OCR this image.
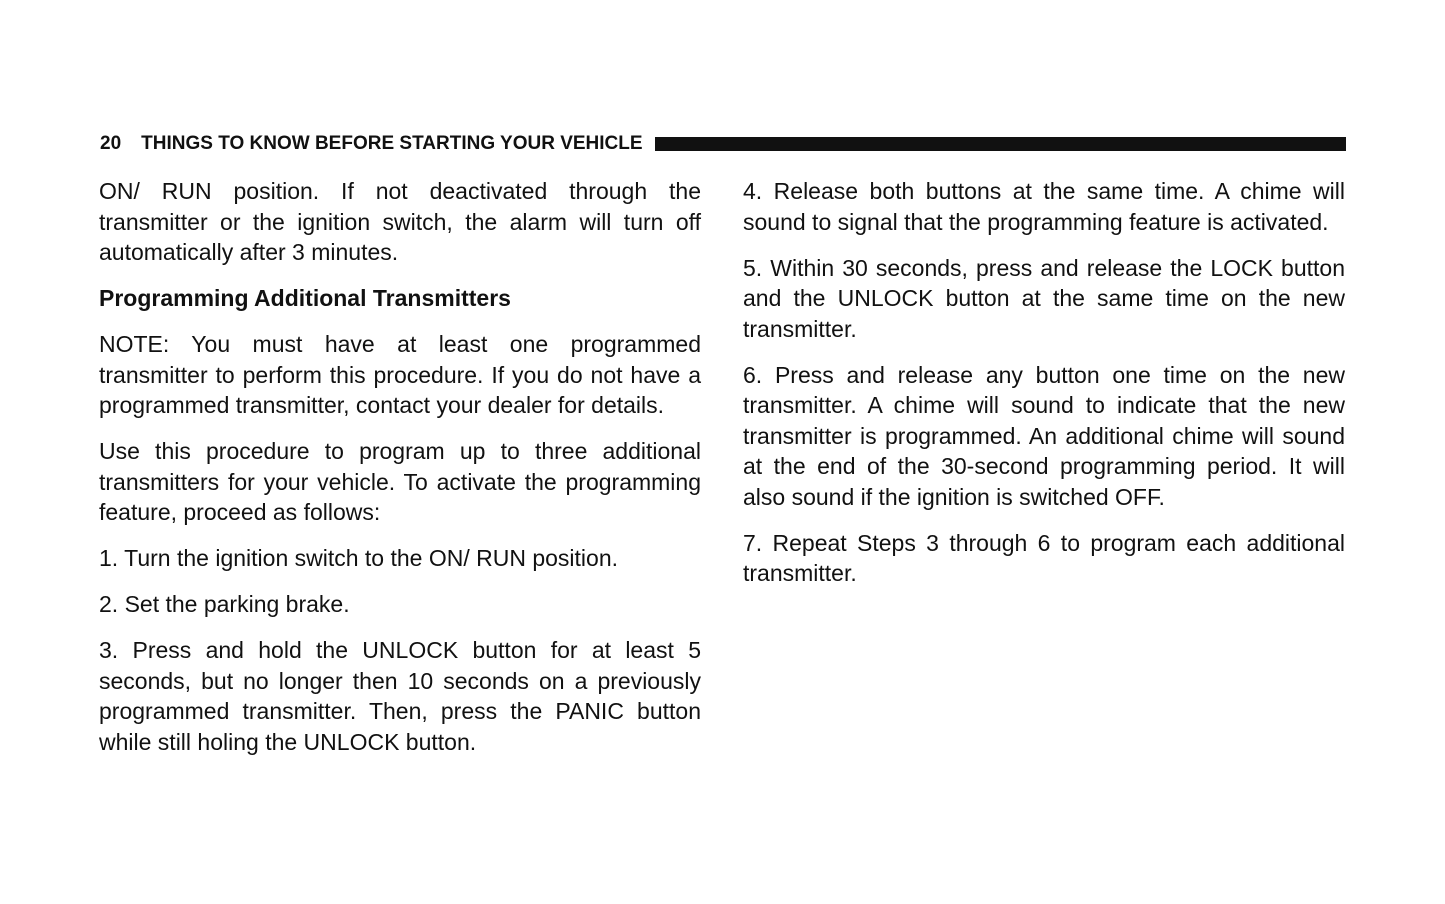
20 THINGS TO KNOW BEFORE STARTING YOUR VEHICLE

ON/ RUN position. If not deactivated through the transmitter or the ignition switch, the alarm will turn off automatically after 3 minutes.

Programming Additional Transmitters

NOTE: You must have at least one programmed transmitter to perform this procedure. If you do not have a programmed transmitter, contact your dealer for details.

Use this procedure to program up to three additional transmitters for your vehicle. To activate the programming feature, proceed as follows:

1. Turn the ignition switch to the ON/ RUN position.

2. Set the parking brake.

3. Press and hold the UNLOCK button for at least 5 seconds, but no longer then 10 seconds on a previously programmed transmitter. Then, press the PANIC button while still holing the UNLOCK button.

4. Release both buttons at the same time. A chime will sound to signal that the programming feature is activated.

5. Within 30 seconds, press and release the LOCK button and the UNLOCK button at the same time on the new transmitter.

6. Press and release any button one time on the new transmitter. A chime will sound to indicate that the new transmitter is programmed. An additional chime will sound at the end of the 30-second programming period. It will also sound if the ignition is switched OFF.

7. Repeat Steps 3 through 6 to program each additional transmitter.
